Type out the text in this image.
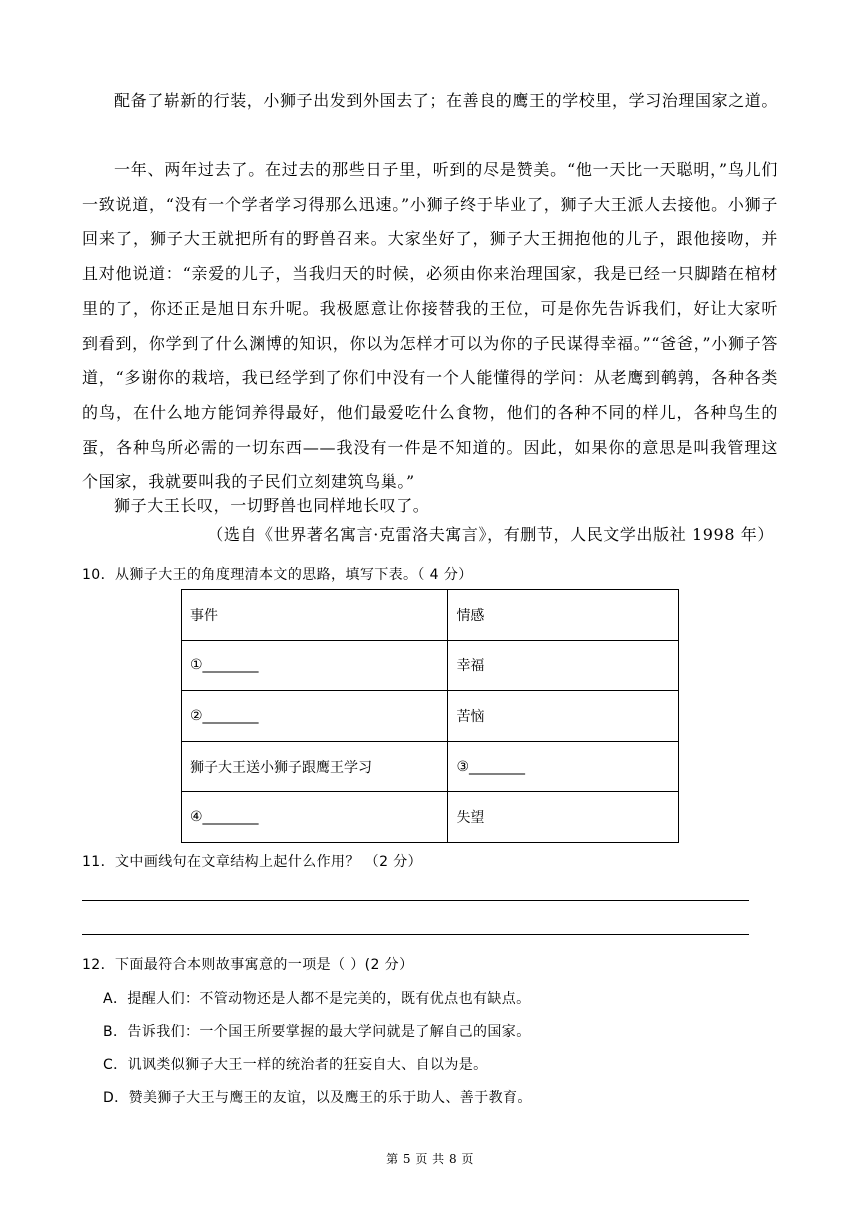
配备了崭新的行装，小狮子出发到外国去了；在善良的鹰王的学校里，学习治理国家之道。
一年、两年过去了。在过去的那些日子里，听到的尽是赞美。“他一天比一天聪明，”鸟儿们一致说道，“没有一个学者学习得那么迅速。”小狮子终于毕业了，狮子大王派人去接他。小狮子回来了，狮子大王就把所有的野兽召来。大家坐好了，狮子大王拥抱他的儿子，跟他接吻，并且对他说道：“亲爱的儿子，当我归天的时候，必须由你来治理国家，我是已经一只脚踏在棺材里的了，你还正是旭日东升呢。我极愿意让你接替我的王位，可是你先告诉我们，好让大家听到看到，你学到了什么渊博的知识，你以为怎样才可以为你的子民谋得幸福。”“爸爸，”小狮子答道，“多谢你的栽培，我已经学到了你们中没有一个人能懂得的学问：从老鹰到鹌鹑，各种各类的鸟，在什么地方能饲养得最好，他们最爱吃什么食物，他们的各种不同的样儿，各种鸟生的蛋，各种鸟所必需的一切东西——我没有一件是不知道的。因此，如果你的意思是叫我管理这个国家，我就要叫我的子民们立刻建筑鸟巢。”
狮子大王长叹，一切野兽也同样地长叹了。
（选自《世界著名寓言·克雷洛夫寓言》，有删节，人民文学出版社 1998 年）
10．从狮子大王的角度理清本文的思路，填写下表。（ 4 分）
事件	情感
①________	幸福
②________	苦恼
狮子大王送小狮子跟鹰王学习	③________
④________	失望
11．文中画线句在文章结构上起什么作用？ （2 分）
12．下面最符合本则故事寓意的一项是（ ）(2 分）
A．提醒人们：不管动物还是人都不是完美的，既有优点也有缺点。
B．告诉我们：一个国王所要掌握的最大学问就是了解自己的国家。
C．讥讽类似狮子大王一样的统治者的狂妄自大、自以为是。
D．赞美狮子大王与鹰王的友谊，以及鹰王的乐于助人、善于教育。
第 5 页 共 8 页
